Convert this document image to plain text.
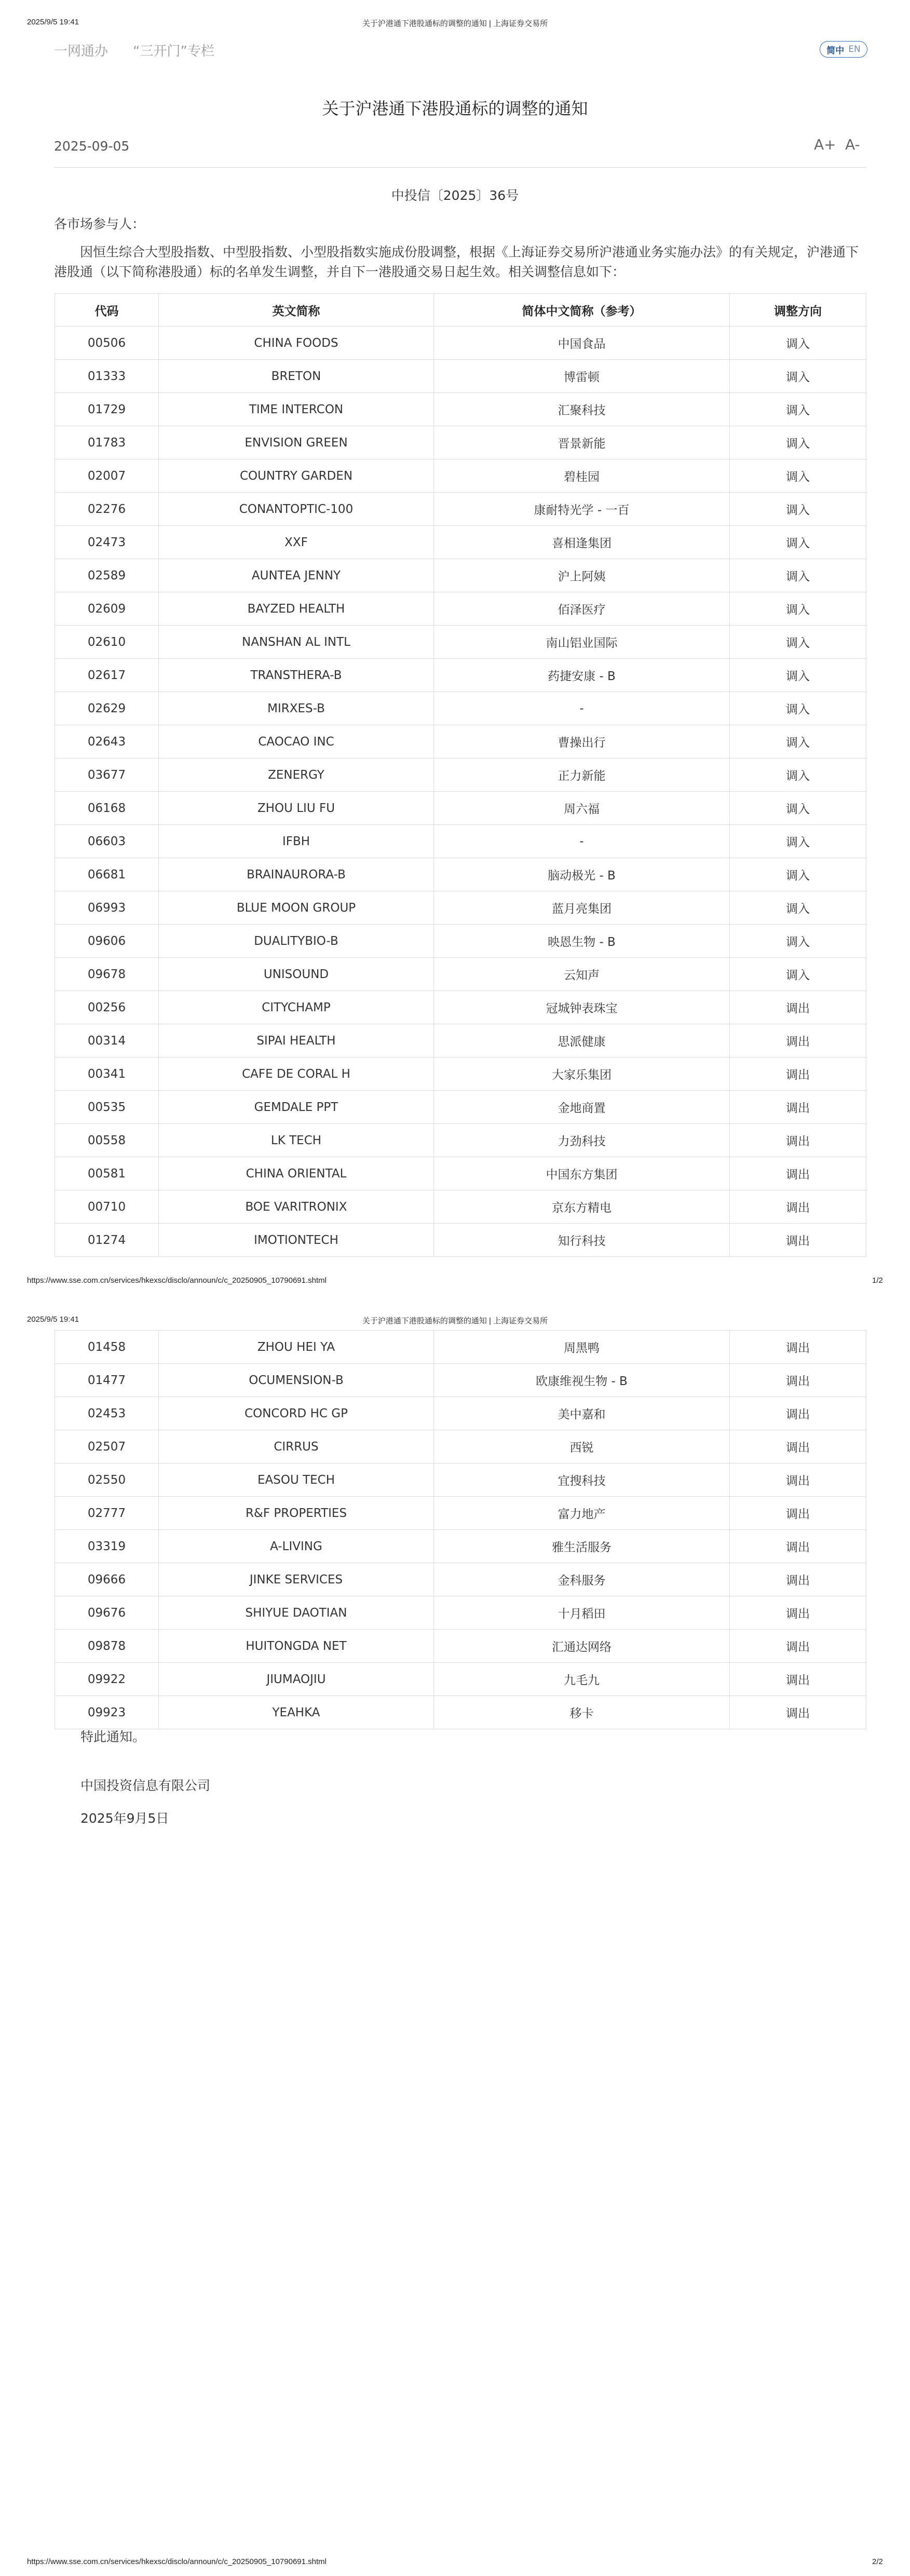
2025/9/5 19:41	关于沪港通下港股通标的调整的通知 | 上海证券交易所
一网通办 “三开门”专栏	简中 EN
关于沪港通下港股通标的调整的通知
2025-09-05	A+ A-
中投信〔2025〕36号
各市场参与人：
因恒生综合大型股指数、中型股指数、小型股指数实施成份股调整，根据《上海证券交易所沪港通业务实施办法》的有关规定，沪港通下港股通（以下简称港股通）标的名单发生调整，并自下一港股通交易日起生效。相关调整信息如下：
代码	英文简称	简体中文简称（参考）	调整方向
00506	CHINA FOODS	中国食品	调入
01333	BRETON	博雷顿	调入
01729	TIME INTERCON	汇聚科技	调入
01783	ENVISION GREEN	晋景新能	调入
02007	COUNTRY GARDEN	碧桂园	调入
02276	CONANTOPTIC-100	康耐特光学 - 一百	调入
02473	XXF	喜相逢集团	调入
02589	AUNTEA JENNY	沪上阿姨	调入
02609	BAYZED HEALTH	佰泽医疗	调入
02610	NANSHAN AL INTL	南山铝业国际	调入
02617	TRANSTHERA-B	药捷安康 - B	调入
02629	MIRXES-B	-	调入
02643	CAOCAO INC	曹操出行	调入
03677	ZENERGY	正力新能	调入
06168	ZHOU LIU FU	周六福	调入
06603	IFBH	-	调入
06681	BRAINAURORA-B	脑动极光 - B	调入
06993	BLUE MOON GROUP	蓝月亮集团	调入
09606	DUALITYBIO-B	映恩生物 - B	调入
09678	UNISOUND	云知声	调入
00256	CITYCHAMP	冠城钟表珠宝	调出
00314	SIPAI HEALTH	思派健康	调出
00341	CAFE DE CORAL H	大家乐集团	调出
00535	GEMDALE PPT	金地商置	调出
00558	LK TECH	力劲科技	调出
00581	CHINA ORIENTAL	中国东方集团	调出
00710	BOE VARITRONIX	京东方精电	调出
01274	IMOTIONTECH	知行科技	调出
https://www.sse.com.cn/services/hkexsc/disclo/announ/c/c_20250905_10790691.shtml	1/2
2025/9/5 19:41	关于沪港通下港股通标的调整的通知 | 上海证券交易所
01458	ZHOU HEI YA	周黑鸭	调出
01477	OCUMENSION-B	欧康维视生物 - B	调出
02453	CONCORD HC GP	美中嘉和	调出
02507	CIRRUS	西锐	调出
02550	EASOU TECH	宜搜科技	调出
02777	R&F PROPERTIES	富力地产	调出
03319	A-LIVING	雅生活服务	调出
09666	JINKE SERVICES	金科服务	调出
09676	SHIYUE DAOTIAN	十月稻田	调出
09878	HUITONGDA NET	汇通达网络	调出
09922	JIUMAOJIU	九毛九	调出
09923	YEAHKA	移卡	调出
特此通知。
中国投资信息有限公司
2025年9月5日
https://www.sse.com.cn/services/hkexsc/disclo/announ/c/c_20250905_10790691.shtml	2/2
